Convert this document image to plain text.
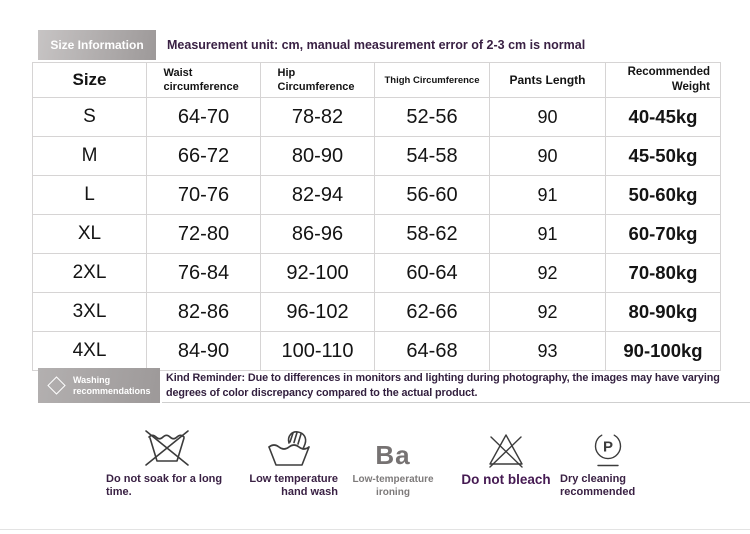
Size Information Measurement unit: cm, manual measurement error of 2-3 cm is normal
Size	Waist circumference	Hip Circumference	Thigh Circumference	Pants Length	Recommended Weight
S	64-70	78-82	52-56	90	40-45kg
M	66-72	80-90	54-58	90	45-50kg
L	70-76	82-94	56-60	91	50-60kg
XL	72-80	86-96	58-62	91	60-70kg
2XL	76-84	92-100	60-64	92	70-80kg
3XL	82-86	96-102	62-66	92	80-90kg
4XL	84-90	100-110	64-68	93	90-100kg
Washing recommendations
Kind Reminder: Due to differences in monitors and lighting during photography, the images may have varying degrees of color discrepancy compared to the actual product.
Do not soak for a long time.
Low temperature hand wash
Ba
Low-temperature ironing
Do not bleach
P
Dry cleaning recommended
